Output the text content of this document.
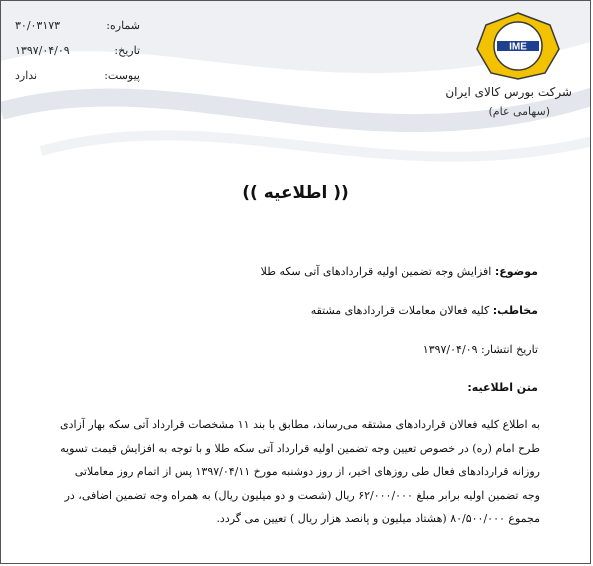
شماره:
۳۰/۰۳۱۷۳
تاریخ:
۱۳۹۷/۰۴/۰۹
پیوست:
ندارد
IME
شرکت بورس کالای ایران
(سهامی عام)
(( اطلاعیه ))
موضوع: افزایش وجه تضمین اولیه قراردادهای آتی سکه طلا
مخاطب: کلیه فعالان معاملات قراردادهای مشتقه
تاریخ انتشار: ۱۳۹۷/۰۴/۰۹
متن اطلاعیه:
به اطلاع کلیه فعالان قراردادهای مشتقه می‌رساند، مطابق با بند ۱۱ مشخصات قرارداد آتی سکه بهار آزادی
طرح امام (ره) در خصوص تعیین وجه تضمین اولیه قرارداد آتی سکه طلا و با توجه به افزایش قیمت تسویه
روزانه قراردادهای فعال طی روزهای اخیر، از روز دوشنبه مورخ ۱۳۹۷/۰۴/۱۱ پس از اتمام روز معاملاتی
وجه تضمین اولیه برابر مبلغ ۶۲/۰۰۰/۰۰۰ ریال (شصت و دو میلیون ریال) به همراه وجه تضمین اضافی، در
مجموع ۸۰/۵۰۰/۰۰۰ (هشتاد میلیون و پانصد هزار ریال ) تعیین می گردد.
